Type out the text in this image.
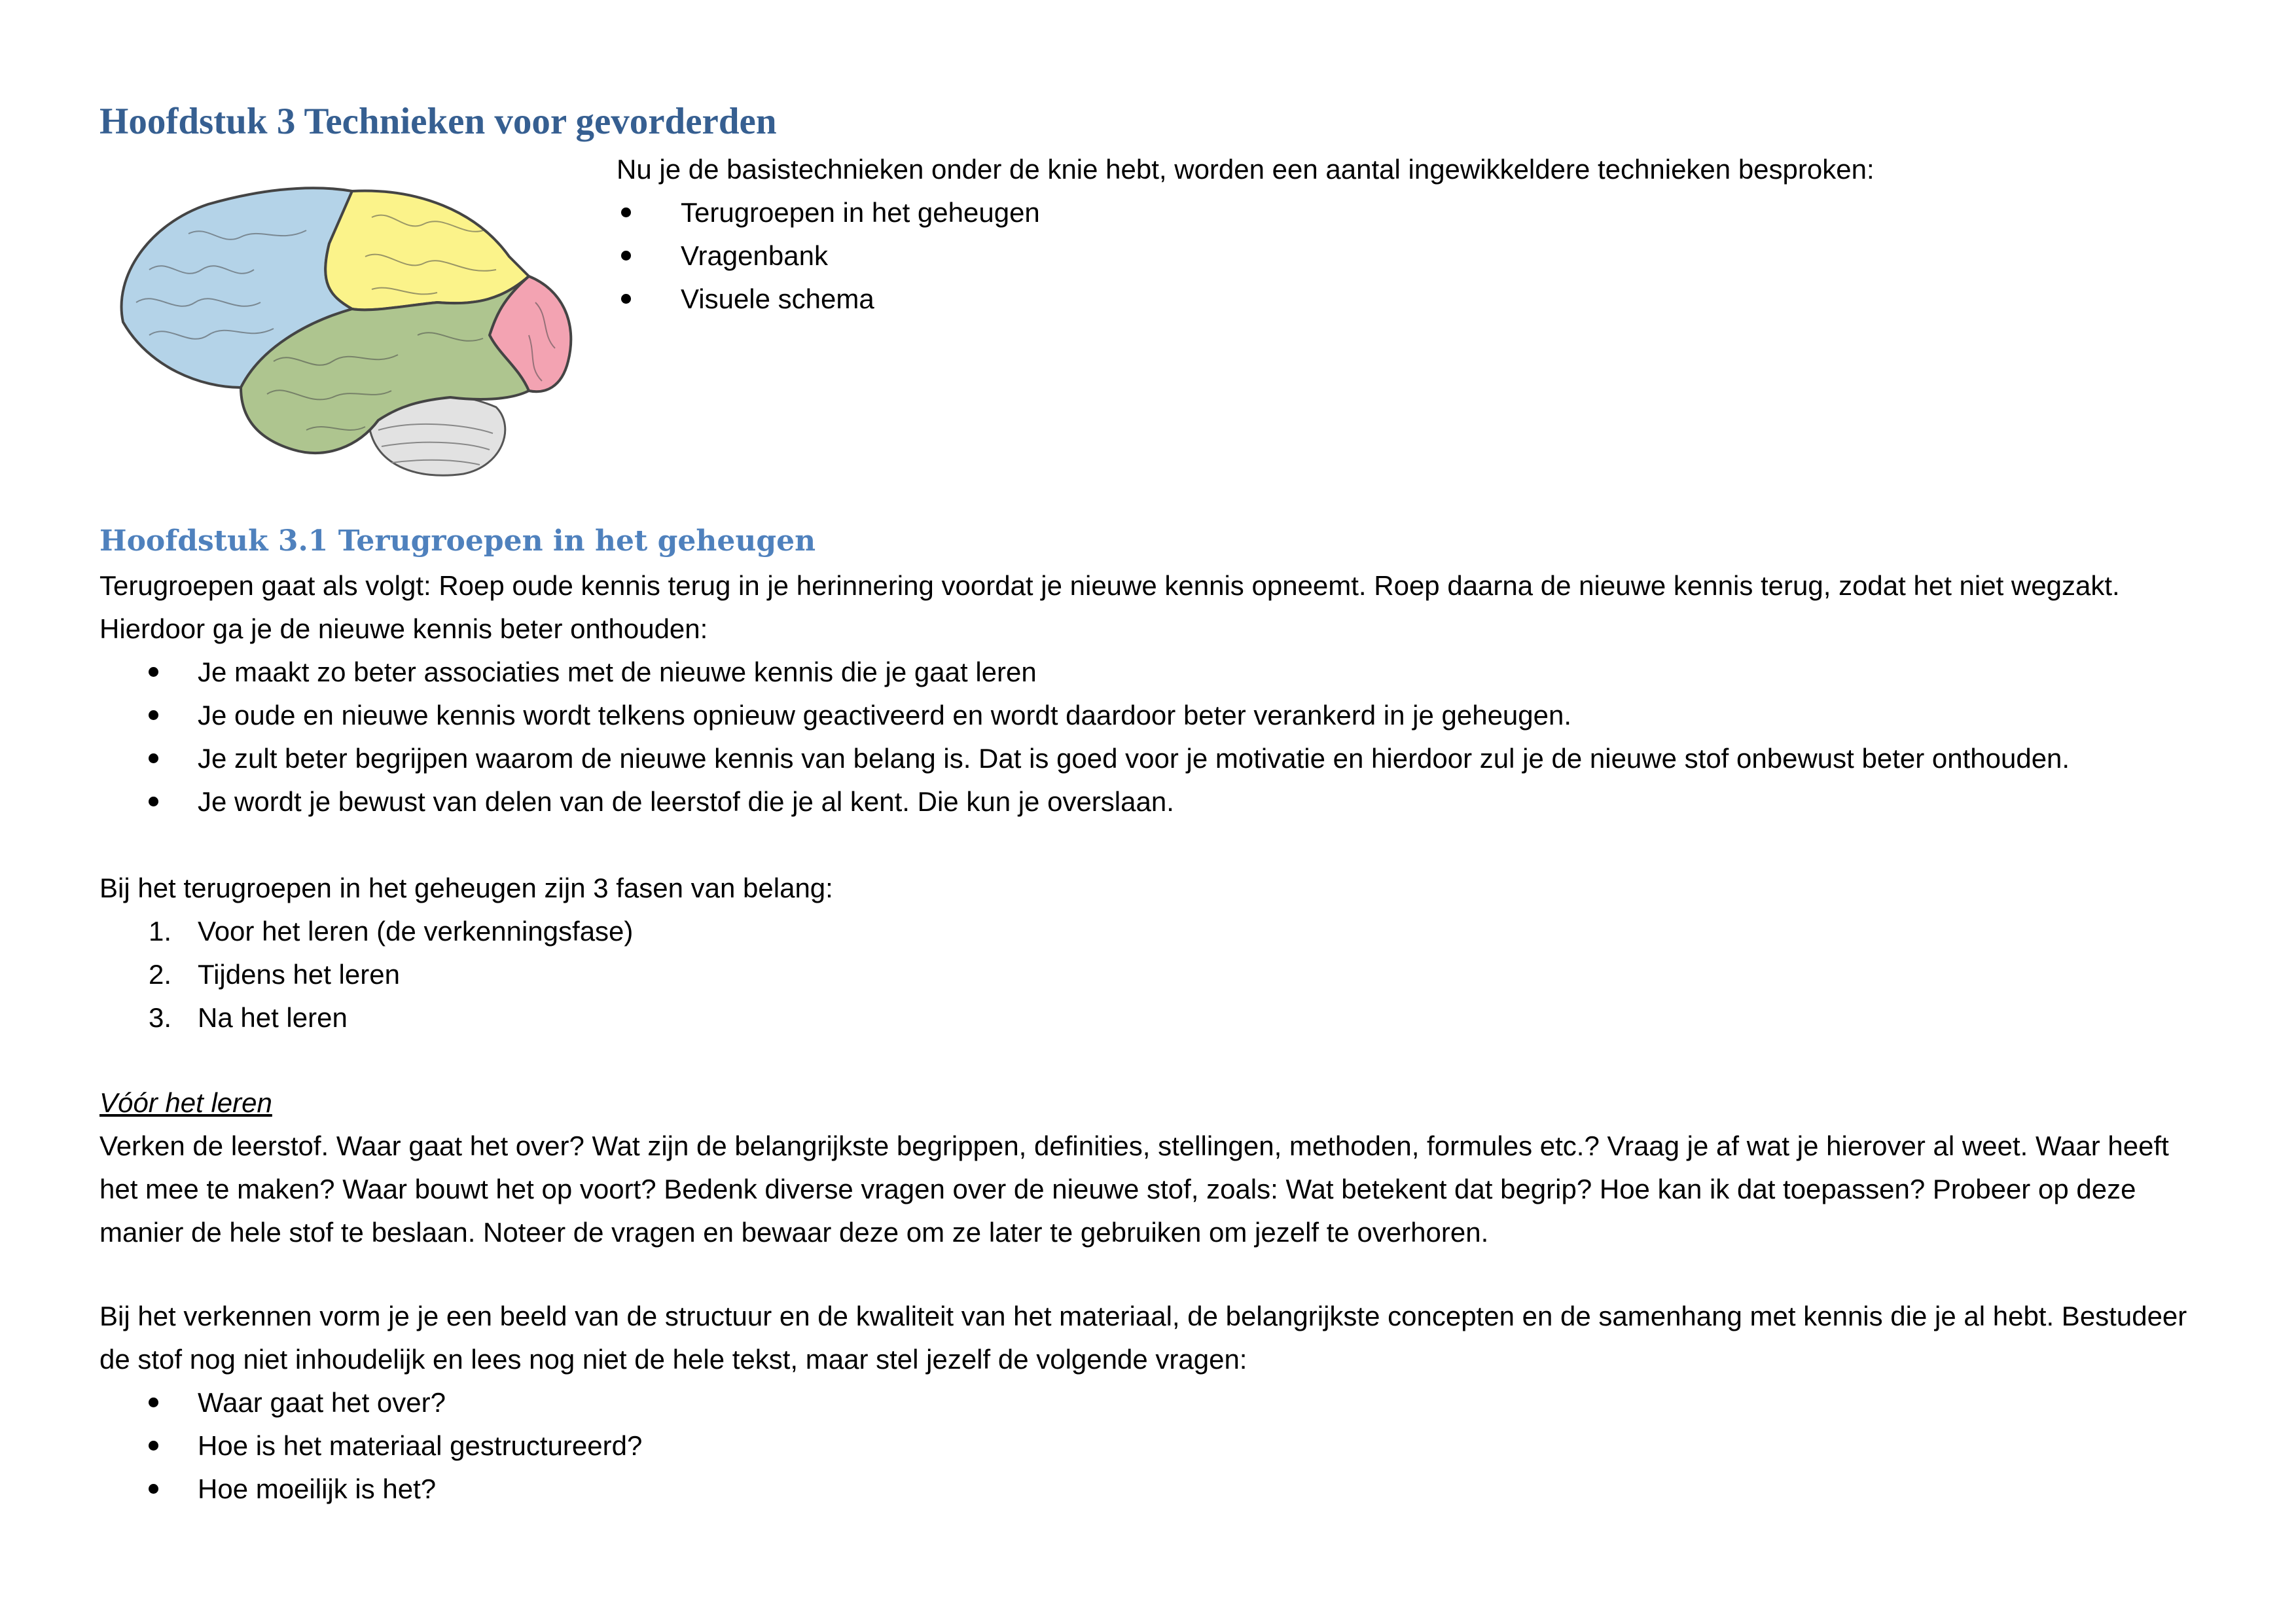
Hoofdstuk 3 Technieken voor gevorderden

Nu je de basistechnieken onder de knie hebt, worden een aantal ingewikkeldere technieken besproken:

Terugroepen in het geheugen
Vragenbank
Visuele schema
Hoofdstuk 3.1 Terugroepen in het geheugen

Terugroepen gaat als volgt: Roep oude kennis terug in je herinnering voordat je nieuwe kennis opneemt. Roep daarna de nieuwe kennis terug, zodat het niet wegzakt. Hierdoor ga je de nieuwe kennis beter onthouden:

Je maakt zo beter associaties met de nieuwe kennis die je gaat leren
Je oude en nieuwe kennis wordt telkens opnieuw geactiveerd en wordt daardoor beter verankerd in je geheugen.
Je zult beter begrijpen waarom de nieuwe kennis van belang is. Dat is goed voor je motivatie en hierdoor zul je de nieuwe stof onbewust beter onthouden.
Je wordt je bewust van delen van de leerstof die je al kent. Die kun je overslaan.

Bij het terugroepen in het geheugen zijn 3 fasen van belang:

1. Voor het leren (de verkenningsfase)
2. Tijdens het leren
3. Na het leren

Vóór het leren

Verken de leerstof. Waar gaat het over? Wat zijn de belangrijkste begrippen, definities, stellingen, methoden, formules etc.? Vraag je af wat je hierover al weet. Waar heeft het mee te maken? Waar bouwt het op voort? Bedenk diverse vragen over de nieuwe stof, zoals: Wat betekent dat begrip? Hoe kan ik dat toepassen? Probeer op deze manier de hele stof te beslaan. Noteer de vragen en bewaar deze om ze later te gebruiken om jezelf te overhoren.

Bij het verkennen vorm je je een beeld van de structuur en de kwaliteit van het materiaal, de belangrijkste concepten en de samenhang met kennis die je al hebt. Bestudeer de stof nog niet inhoudelijk en lees nog niet de hele tekst, maar stel jezelf de volgende vragen:

Waar gaat het over?
Hoe is het materiaal gestructureerd?
Hoe moeilijk is het?
